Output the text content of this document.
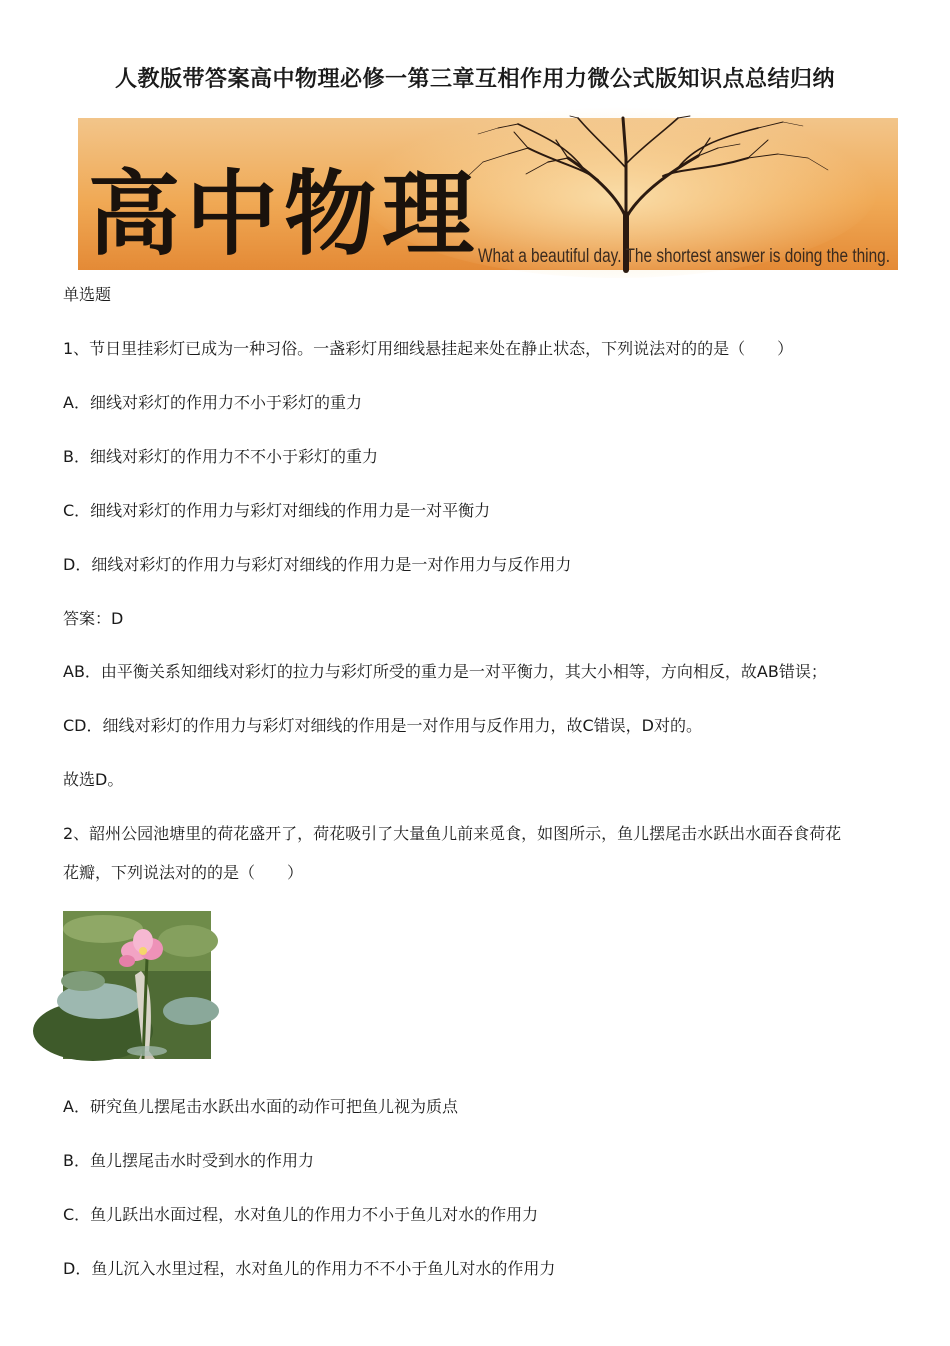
人教版带答案高中物理必修一第三章互相作用力微公式版知识点总结归纳
高中物理
What a beautiful day. The shortest answer is doing the thing.
单选题
1、节日里挂彩灯已成为一种习俗。一盏彩灯用细线悬挂起来处在静止状态，下列说法对的的是（　　）
A．细线对彩灯的作用力不小于彩灯的重力
B．细线对彩灯的作用力不不小于彩灯的重力
C．细线对彩灯的作用力与彩灯对细线的作用力是一对平衡力
D．细线对彩灯的作用力与彩灯对细线的作用力是一对作用力与反作用力
答案：D
AB．由平衡关系知细线对彩灯的拉力与彩灯所受的重力是一对平衡力，其大小相等，方向相反，故AB错误；
CD．细线对彩灯的作用力与彩灯对细线的作用是一对作用与反作用力，故C错误，D对的。
故选D。
2、韶州公园池塘里的荷花盛开了，荷花吸引了大量鱼儿前来觅食，如图所示，鱼儿摆尾击水跃出水面吞食荷花
花瓣，下列说法对的的是（　　）
A．研究鱼儿摆尾击水跃出水面的动作可把鱼儿视为质点
B．鱼儿摆尾击水时受到水的作用力
C．鱼儿跃出水面过程，水对鱼儿的作用力不小于鱼儿对水的作用力
D．鱼儿沉入水里过程，水对鱼儿的作用力不不小于鱼儿对水的作用力
